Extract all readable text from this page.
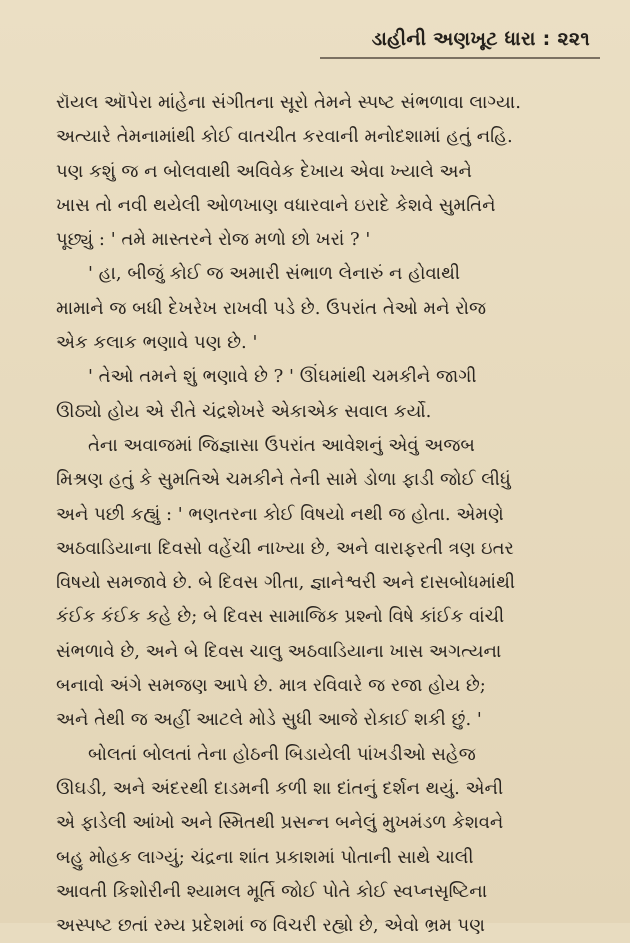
ડાહીની અણખૂટ ધારા : ૨૨૧
રૉયલ ઑપેરા માંહેના સંગીતના સૂરો તેમને સ્પષ્ટ સંભળાવા લાગ્યા.
અત્યારે તેમનામાંથી કોઈ વાતચીત કરવાની મનોદશામાં હતું નહિ.
પણ કશું જ ન બોલવાથી અવિવેક દેખાય એવા ખ્યાલે અને
ખાસ તો નવી થયેલી ઓળખાણ વધારવાને ઇરાદે કેશવે સુમતિને
પૂછ્યું : ' તમે માસ્તરને રોજ મળો છો ખરાં ? '
' હા, બીજું કોઈ જ અમારી સંભાળ લેનારું ન હોવાથી
મામાને જ બધી દેખરેખ રાખવી પડે છે. ઉપરાંત તેઓ મને રોજ
એક કલાક ભણાવે પણ છે. '
' તેઓ તમને શું ભણાવે છે ? ' ઊંઘમાંથી ચમકીને જાગી
ઊઠ્યો હોય એ રીતે ચંદ્રશેખરે એકાએક સવાલ કર્યો.
તેના અવાજમાં જિજ્ઞાસા ઉપરાંત આવેશનું એવું અજબ
મિશ્રણ હતું કે સુમતિએ ચમકીને તેની સામે ડોળા ફાડી જોઈ લીધું
અને પછી કહ્યું : ' ભણતરના કોઈ વિષયો નથી જ હોતા. એમણે
અઠવાડિયાના દિવસો વહેંચી નાખ્યા છે, અને વારાફરતી ત્રણ ઇતર
વિષયો સમજાવે છે. બે દિવસ ગીતા, જ્ઞાનેશ્વરી અને દાસબોધમાંથી
કંઈક કંઈક કહે છે; બે દિવસ સામાજિક પ્રશ્નો વિષે કાંઈક વાંચી
સંભળાવે છે, અને બે દિવસ ચાલુ અઠવાડિયાના ખાસ અગત્યના
બનાવો અંગે સમજણ આપે છે. માત્ર રવિવારે જ રજા હોય છે;
અને તેથી જ અહીં આટલે મોડે સુધી આજે રોકાઈ શકી છું. '
બોલતાં બોલતાં તેના હોઠની બિડાયેલી પાંખડીઓ સહેજ
ઊઘડી, અને અંદરથી દાડમની કળી શા દાંતનું દર્શન થયું. એની
એ ફાડેલી આંખો અને સ્મિતથી પ્રસન્ન બનેલું મુખમંડળ કેશવને
બહુ મોહક લાગ્યું; ચંદ્રના શાંત પ્રકાશમાં પોતાની સાથે ચાલી
આવતી કિશોરીની શ્યામલ મૂર્તિ જોઈ પોતે કોઈ સ્વપ્નસૃષ્ટિના
અસ્પષ્ટ છતાં રમ્ય પ્રદેશમાં જ વિચરી રહ્યો છે, એવો ભ્રમ પણ
